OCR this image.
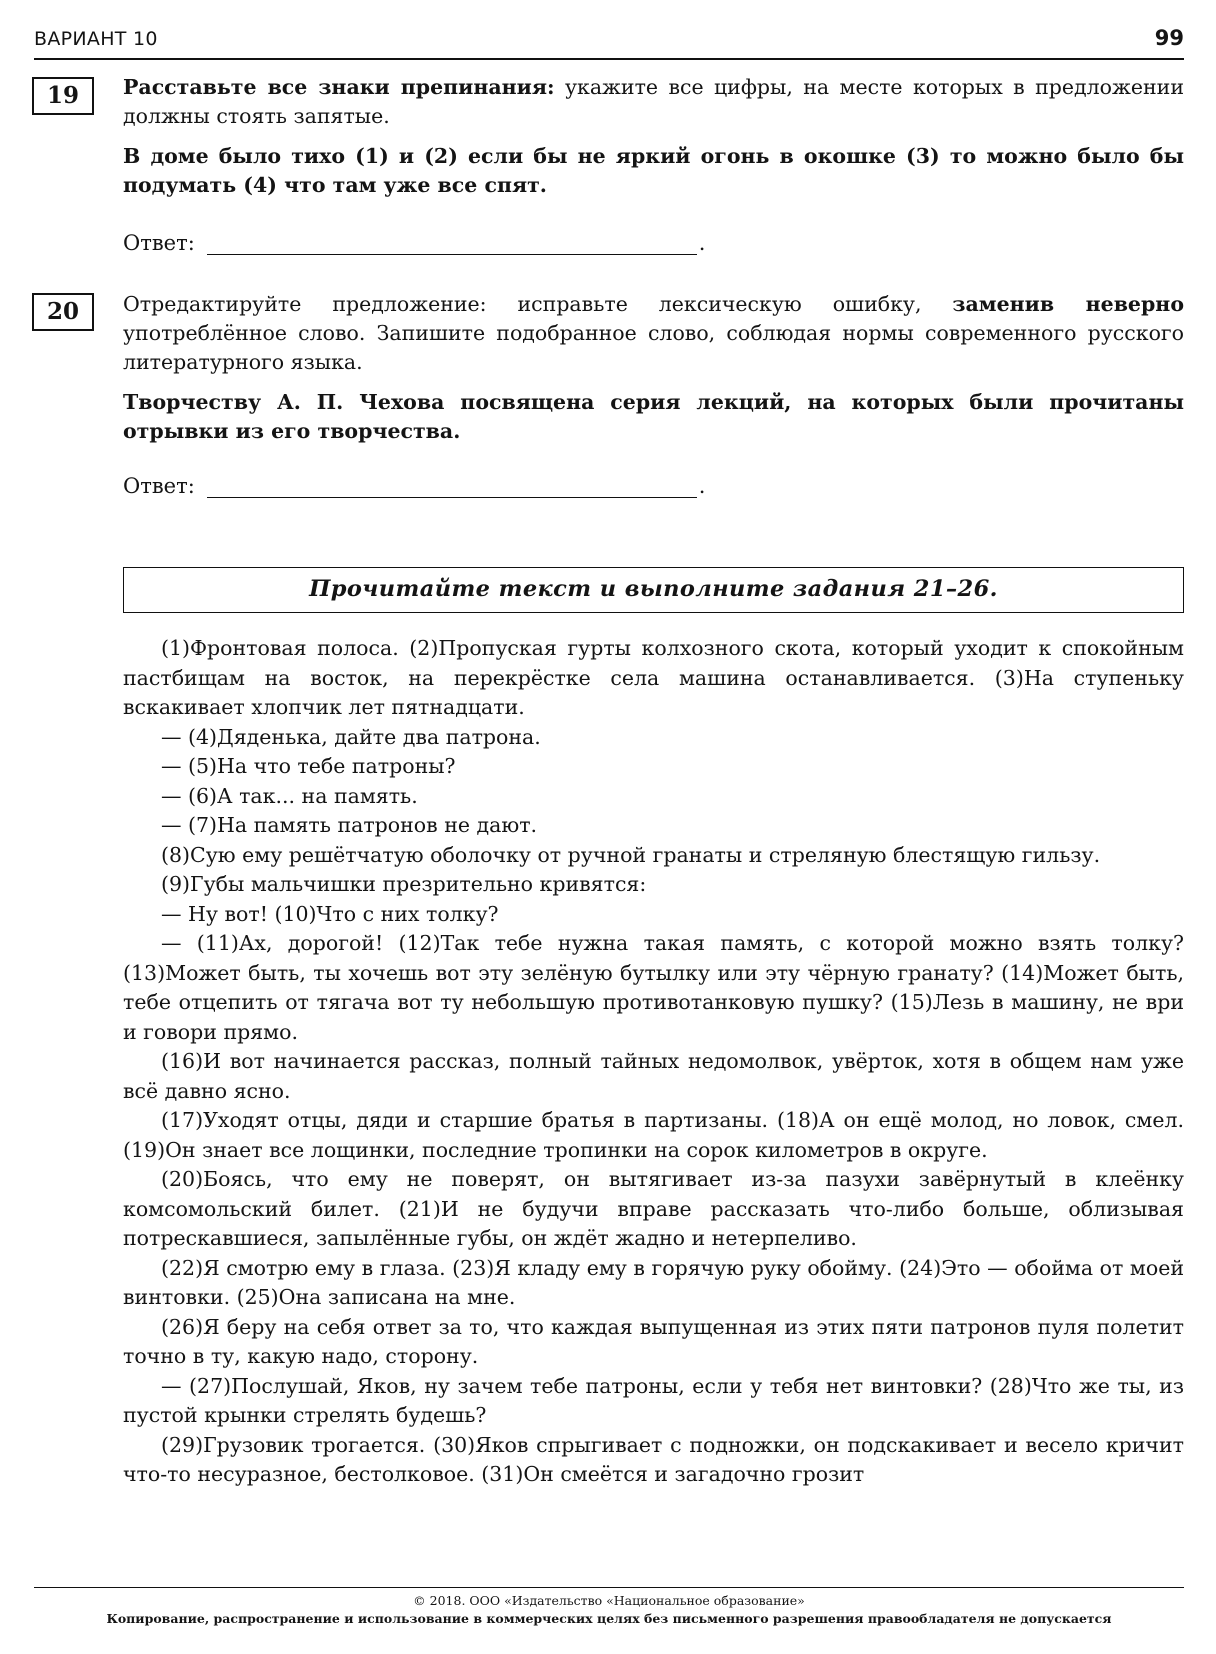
ВАРИАНТ 10	99
19	Расставьте все знаки препинания: укажите все цифры, на месте которых в предложении должны стоять запятые.

В доме было тихо (1) и (2) если бы не яркий огонь в окошке (3) то можно было бы подумать (4) что там уже все спят.

Ответ:	.
20	Отредактируйте предложение: исправьте лексическую ошибку, заменив неверно употреблённое слово. Запишите подобранное слово, соблюдая нормы современного русского литературного языка.

Творчеству А. П. Чехова посвящена серия лекций, на которых были прочитаны отрывки из его творчества.

Ответ:	.
Прочитайте текст и выполните задания 21–26.

(1)Фронтовая полоса. (2)Пропуская гурты колхозного скота, который уходит к спокойным пастбищам на восток, на перекрёстке села машина останавливается. (3)На ступеньку вскакивает хлопчик лет пятнадцати.

— (4)Дяденька, дайте два патрона.

— (5)На что тебе патроны?

— (6)А так... на память.

— (7)На память патронов не дают.

(8)Сую ему решётчатую оболочку от ручной гранаты и стреляную блестящую гильзу.

(9)Губы мальчишки презрительно кривятся:

— Ну вот! (10)Что с них толку?

— (11)Ах, дорогой! (12)Так тебе нужна такая память, с которой можно взять толку? (13)Может быть, ты хочешь вот эту зелёную бутылку или эту чёрную гранату? (14)Может быть, тебе отцепить от тягача вот ту небольшую противотанковую пушку? (15)Лезь в машину, не ври и говори прямо.

(16)И вот начинается рассказ, полный тайных недомолвок, увёрток, хотя в общем нам уже всё давно ясно.

(17)Уходят отцы, дяди и старшие братья в партизаны. (18)А он ещё молод, но ловок, смел. (19)Он знает все лощинки, последние тропинки на сорок километров в округе.

(20)Боясь, что ему не поверят, он вытягивает из-за пазухи завёрнутый в клеёнку комсомольский билет. (21)И не будучи вправе рассказать что-либо больше, облизывая потрескавшиеся, запылённые губы, он ждёт жадно и нетерпеливо.

(22)Я смотрю ему в глаза. (23)Я кладу ему в горячую руку обойму. (24)Это — обойма от моей винтовки. (25)Она записана на мне.

(26)Я беру на себя ответ за то, что каждая выпущенная из этих пяти патронов пуля полетит точно в ту, какую надо, сторону.

— (27)Послушай, Яков, ну зачем тебе патроны, если у тебя нет винтовки? (28)Что же ты, из пустой крынки стрелять будешь?

(29)Грузовик трогается. (30)Яков спрыгивает с подножки, он подскакивает и весело кричит что-то несуразное, бестолковое. (31)Он смеётся и загадочно грозит

© 2018. ООО «Издательство «Национальное образование»
Копирование, распространение и использование в коммерческих целях без письменного разрешения правообладателя не допускается
